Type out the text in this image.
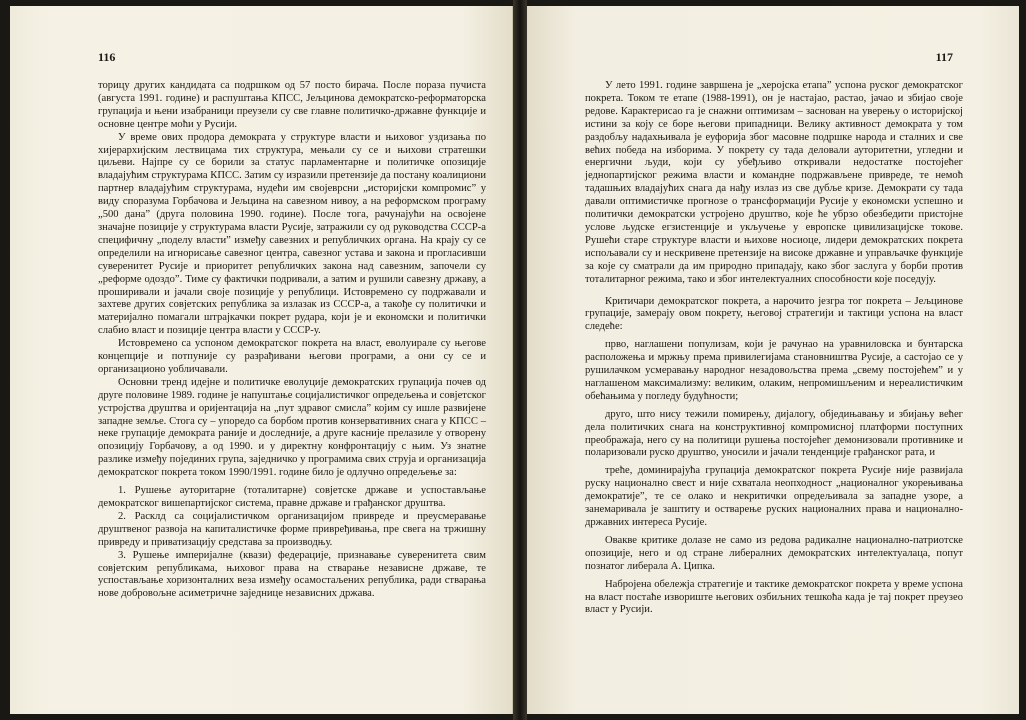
116

торицу других кандидата са подршком од 57 посто бирача. После пораза пучиста (августа 1991. године) и распуштања КПСС, Јељцинова демократско-реформаторска групација и њени изабраници преузели су све главне политичко-државне функције и основне центре моћи у Русији.

У време ових продора демократа у структуре власти и њиховог уздизања по хијерархијским лествицама тих структура, мењали су се и њихови стратешки циљеви. Најпре су се борили за статус парламентарне и политичке опозиције владајућим структурама КПСС. Затим су изразили претензије да постану коалициони партнер владајућим структурама, нудећи им својеврсни „историјски компромис” у виду споразума Горбачова и Јељцина на савезном нивоу, а на реформском програму „500 дана” (друга половина 1990. године). После тога, рачунајући на освојене значајне позиције у структурама власти Русије, затражили су од руководства СССР-а специфичну „поделу власти” између савезних и републичких органа. На крају су се определили на игнорисање савезног центра, савезног устава и закона и прогласивши суверенитет Русије и приоритет републичких закона над савезним, започели су „реформе одоздо”. Тиме су фактички подривали, а затим и рушили савезну државу, а проширивали и јачали своје позиције у републици. Истовремено су подржавали и захтеве других совјетских република за излазак из СССР-а, а такође су политички и материјално помагали штрајкачки покрет рудара, који је и економски и политички слабио власт и позиције центра власти у СССР-у.

Истовремено са успоном демократског покрета на власт, еволуирале су његове концепције и потпуније су разрађивани његови програми, а они су се и организационо уобличавали.

Основни тренд идејне и политичке еволуције демократских групација почев од друге половине 1989. године је напуштање социјалистичког опредељења и совјетског устројства друштва и оријентација на „пут здравог смисла” којим су ишле развијене западне земље. Стога су – упоредо са борбом против конзервативних снага у КПСС – неке групације демократа раније и доследније, а друге касније прелазиле у отворену опозицију Горбачову, а од 1990. и у директну конфронтацију с њим. Уз знатне разлике између појединих група, заједничко у програмима свих струја и организација демократског покрета током 1990/1991. године било је одлучно опредељење за:

1. Рушење ауторитарне (тоталитарне) совјетске државе и успостављање демократског вишепартијског система, правне државе и грађанског друштва.

2. Расклд са социјалистичком организацијом привреде и преусмеравање друштвеног развоја на капиталистичке форме привређивања, пре свега на тржишну привреду и приватизацију средстава за производњу.

3. Рушење империјалне (квази) федерације, признавање суверенитета свим совјетским републикама, њиховог права на стварање независне државе, те успостављање хоризонталних веза између осамостаљених република, ради стварања нове добровољне асиметричне заједнице независних држава.

117

У лето 1991. године завршена је „херојска етапа” успона руског демократског покрета. Током те етапе (1988-1991), он је настајао, растао, јачао и збијао своје редове. Карактерисао га је снажни оптимизам – заснован на уверењу о историјској истини за коју се боре његови припадници. Велику активност демократа у том раздобљу надахњивала је еуфорија због масовне подршке народа и сталних и све већих победа на изборима. У покрету су тада деловали ауторитетни, угледни и енергични људи, који су убеђљиво откривали недостатке постојећег једнопартијског режима власти и командне подржављене привреде, те немоћ тадашњих владајућих снага да нађу излаз из све дубље кризе. Демократи су тада давали оптимистичке прогнозе о трансформацији Русије у економски успешно и политички демократски устројено друштво, које ће убрзо обезбедити пристојне услове људске егзистенције и укључење у европске цивилизацијске токове. Рушећи старе структуре власти и њихове носиоце, лидери демократских покрета испољавали су и нескривене претензије на високе државне и управљачке функције за које су сматрали да им природно припадају, како због заслуга у борби против тоталитарног режима, тако и због интелектуалних способности које поседују.

Критичари демократског покрета, а нарочито језгра тог покрета – Јељцинове групације, замерају овом покрету, његовој стратегији и тактици успона на власт следеће:

прво, наглашени популизам, који је рачунао на уравниловска и бунтарска расположења и мржњу према привилегијама становништва Русије, а састојао се у рушилачком усмеравању народног незадовољства према „свему постојећем” и у наглашеном максимализму: великим, олаким, непромишљеним и нереалистичким обећањима у погледу будућности;

друго, што нису тежили помирењу, дијалогу, обједињавању и збијању већег дела политичких снага на конструктивној компромисној платформи поступних преображаја, него су на политици рушења постојећег демонизовали противнике и поларизовали руско друштво, уносили и јачали тенденције грађанског рата, и

треће, доминирајућа групација демократског покрета Русије није развијала руску национално свест и није схватала неопходност „националног укорењивања демократије”, те се олако и некритички опредељивала за западне узоре, а занемаривала је заштиту и остварење руских националних права и национално-државних интереса Русије.

Овакве критике долазе не само из редова радикалне национално-патриотске опозиције, него и од стране либералних демократских интелектуалаца, попут познатог либерала А. Ципка.

Набројена обележја стратегије и тактике демократског покрета у време успона на власт постаће извориште његових озбиљних тешкоћа када је тај покрет преузео власт у Русији.
